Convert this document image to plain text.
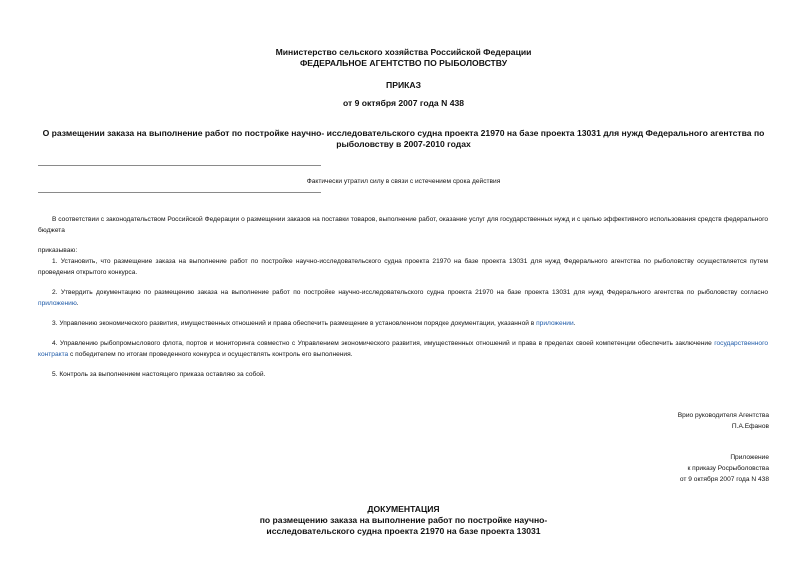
Министерство сельского хозяйства Российской Федерации
ФЕДЕРАЛЬНОЕ АГЕНТСТВО ПО РЫБОЛОВСТВУ
ПРИКАЗ
от 9 октября 2007 года N 438
О размещении заказа на выполнение работ по постройке научно- исследовательского судна проекта 21970 на базе проекта 13031 для нужд Федерального агентства по рыболовству в 2007-2010 годах
Фактически утратил силу в связи с истечением срока действия
В соответствии с законодательством Российской Федерации о размещении заказов на поставки товаров, выполнение работ, оказание услуг для государственных нужд и с целью эффективного использования средств федерального бюджета
приказываю:
1. Установить, что размещение заказа на выполнение работ по постройке научно-исследовательского судна проекта 21970 на базе проекта 13031 для нужд Федерального агентства по рыболовству осуществляется путем проведения открытого конкурса.
2. Утвердить документацию по размещению заказа на выполнение работ по постройке научно-исследовательского судна проекта 21970 на базе проекта 13031 для нужд Федерального агентства по рыболовству согласно приложению.
3. Управлению экономического развития, имущественных отношений и права обеспечить размещение в установленном порядке документации, указанной в приложении.
4. Управлению рыбопромыслового флота, портов и мониторинга совместно с Управлением экономического развития, имущественных отношений и права в пределах своей компетенции обеспечить заключение государственного контракта с победителем по итогам проведенного конкурса и осуществлять контроль его выполнения.
5. Контроль за выполнением настоящего приказа оставляю за собой.
Врио руководителя Агентства
П.А.Ефанов
Приложение
к приказу Росрыболовства
от 9 октября 2007 года N 438
ДОКУМЕНТАЦИЯ
по размещению заказа на выполнение работ по постройке научно-
исследовательского судна проекта 21970 на базе проекта 13031
